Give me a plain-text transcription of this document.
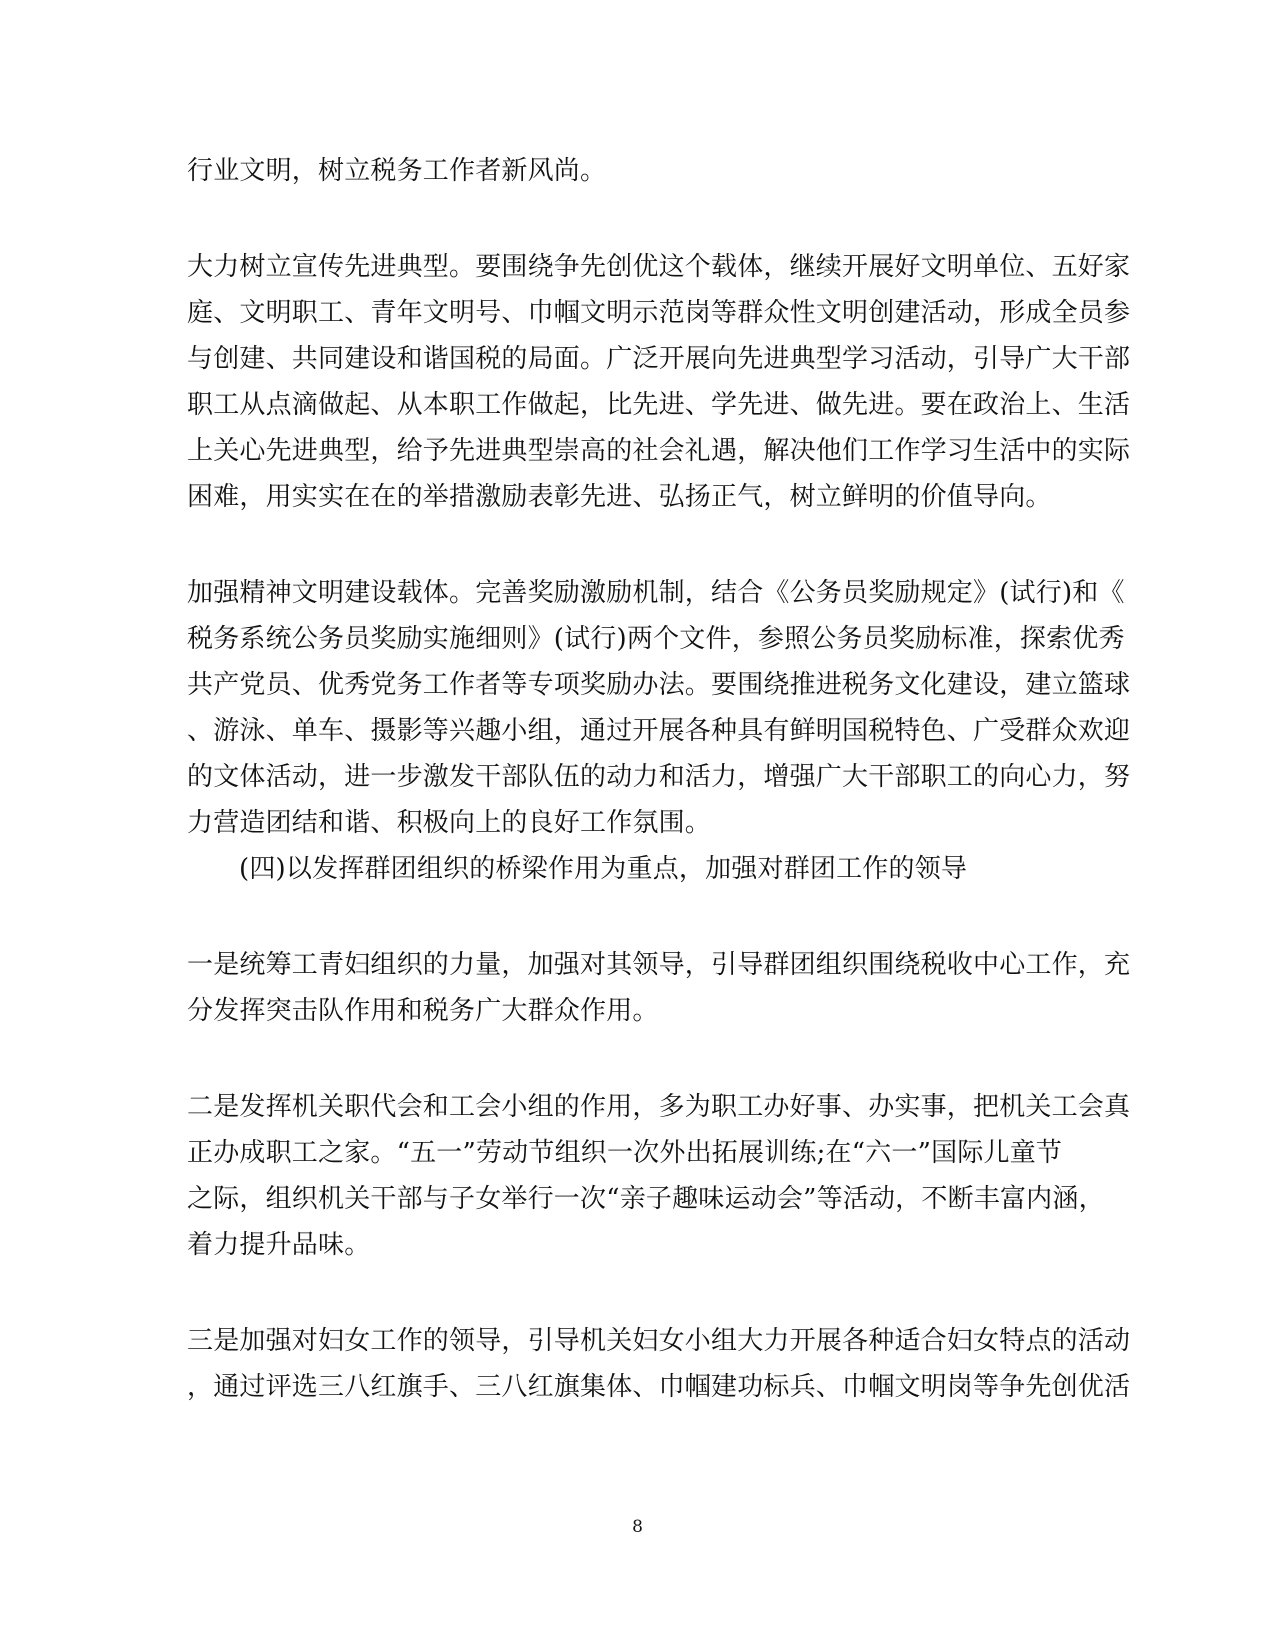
行业文明，树立税务工作者新风尚。
大力树立宣传先进典型。要围绕争先创优这个载体，继续开展好文明单位、五好家
庭、文明职工、青年文明号、巾帼文明示范岗等群众性文明创建活动，形成全员参
与创建、共同建设和谐国税的局面。广泛开展向先进典型学习活动，引导广大干部
职工从点滴做起、从本职工作做起，比先进、学先进、做先进。要在政治上、生活
上关心先进典型，给予先进典型崇高的社会礼遇，解决他们工作学习生活中的实际
困难，用实实在在的举措激励表彰先进、弘扬正气，树立鲜明的价值导向。
加强精神文明建设载体。完善奖励激励机制，结合《公务员奖励规定》(试行)和《
税务系统公务员奖励实施细则》(试行)两个文件，参照公务员奖励标准，探索优秀
共产党员、优秀党务工作者等专项奖励办法。要围绕推进税务文化建设，建立篮球
、游泳、单车、摄影等兴趣小组，通过开展各种具有鲜明国税特色、广受群众欢迎
的文体活动，进一步激发干部队伍的动力和活力，增强广大干部职工的向心力，努
力营造团结和谐、积极向上的良好工作氛围。
(四)以发挥群团组织的桥梁作用为重点，加强对群团工作的领导
一是统筹工青妇组织的力量，加强对其领导，引导群团组织围绕税收中心工作，充
分发挥突击队作用和税务广大群众作用。
二是发挥机关职代会和工会小组的作用，多为职工办好事、办实事，把机关工会真
正办成职工之家。“五一”劳动节组织一次外出拓展训练;在“六一”国际儿童节
之际，组织机关干部与子女举行一次“亲子趣味运动会”等活动，不断丰富内涵，
着力提升品味。
三是加强对妇女工作的领导，引导机关妇女小组大力开展各种适合妇女特点的活动
，通过评选三八红旗手、三八红旗集体、巾帼建功标兵、巾帼文明岗等争先创优活
8
